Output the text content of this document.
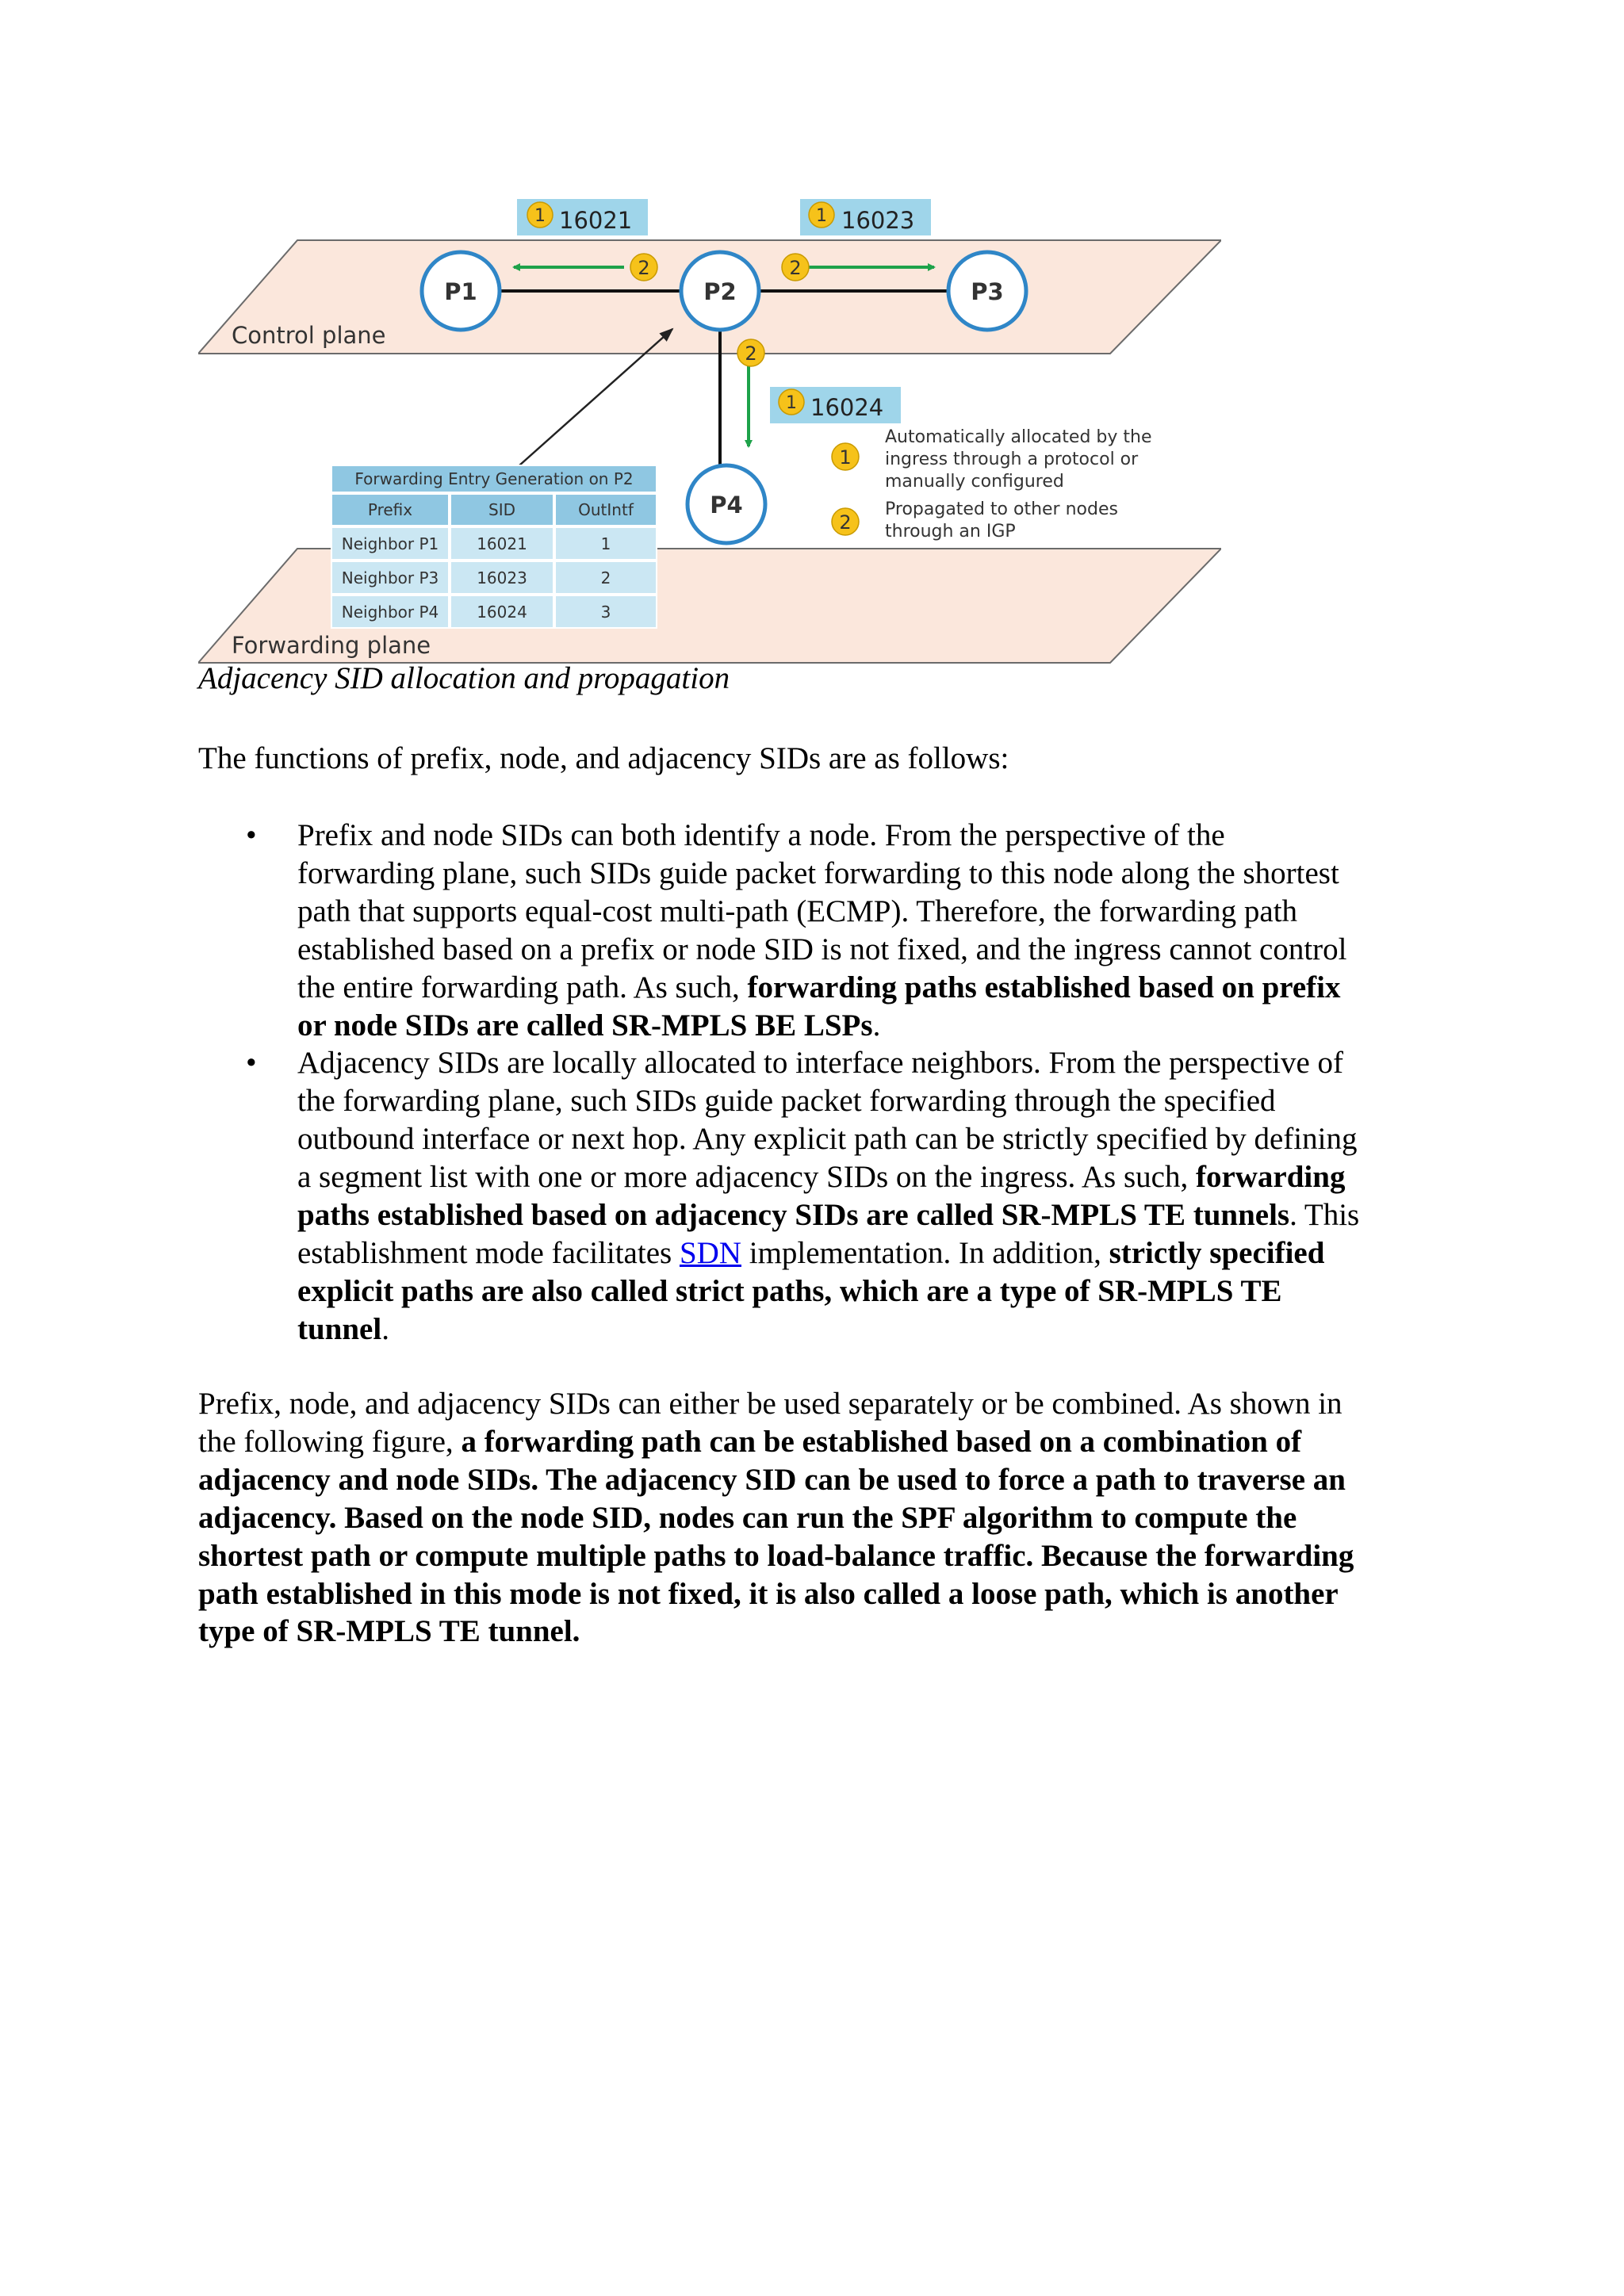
Control plane
Forwarding plane
P1	P2	P3
P4
2	2
2
1 16021	1 16023
1 16024
1
Automatically allocated by the
ingress through a protocol or
manually configured
2
Propagated to other nodes
through an IGP
Forwarding Entry Generation on P2
Prefix	SID	OutIntf
Neighbor P1 16021	1
Neighbor P3 16023	2
Neighbor P4 16024	3
Adjacency SID allocation and propagation

The functions of prefix, node, and adjacency SIDs are as follows:

• Prefix and node SIDs can both identify a node. From the perspective of the
forwarding plane, such SIDs guide packet forwarding to this node along the shortest
path that supports equal-cost multi-path (ECMP). Therefore, the forwarding path
established based on a prefix or node SID is not fixed, and the ingress cannot control
the entire forwarding path. As such, forwarding paths established based on prefix
or node SIDs are called SR-MPLS BE LSPs.
• Adjacency SIDs are locally allocated to interface neighbors. From the perspective of
the forwarding plane, such SIDs guide packet forwarding through the specified
outbound interface or next hop. Any explicit path can be strictly specified by defining
a segment list with one or more adjacency SIDs on the ingress. As such, forwarding
paths established based on adjacency SIDs are called SR-MPLS TE tunnels. This
establishment mode facilitates SDN implementation. In addition, strictly specified
explicit paths are also called strict paths, which are a type of SR-MPLS TE
tunnel.
Prefix, node, and adjacency SIDs can either be used separately or be combined. As shown in
the following figure, a forwarding path can be established based on a combination of
adjacency and node SIDs. The adjacency SID can be used to force a path to traverse an
adjacency. Based on the node SID, nodes can run the SPF algorithm to compute the
shortest path or compute multiple paths to load-balance traffic. Because the forwarding
path established in this mode is not fixed, it is also called a loose path, which is another
type of SR-MPLS TE tunnel.
